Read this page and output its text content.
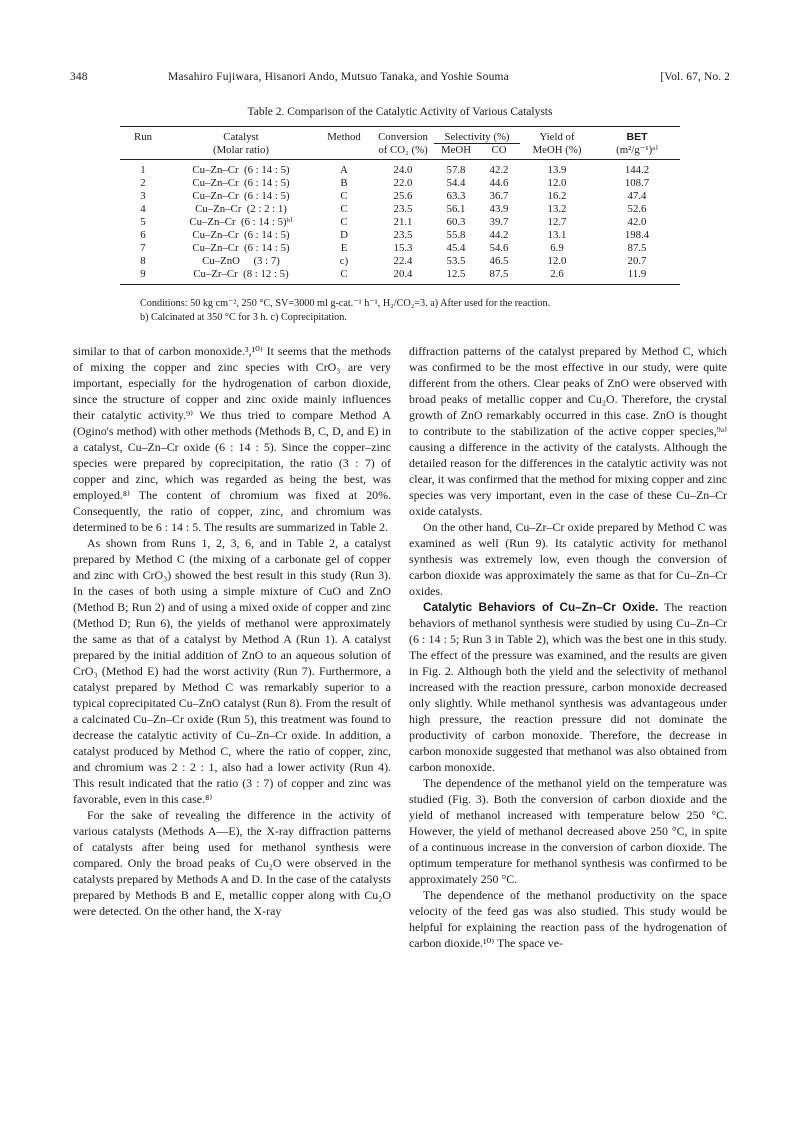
348	Masahiro Fujiwara, Hisanori Ando, Mutsuo Tanaka, and Yoshie Souma	[Vol. 67, No. 2
Table 2. Comparison of the Catalytic Activity of Various Catalysts
Run	Catalyst	Method	Conversion	Selectivity (%)		Yield of	BET
	(Molar ratio)		of CO₂ (%)	MeOH	CO	MeOH (%)	(m²/g⁻¹)ᵃ⁾
1	Cu–Zn–Cr  (6 : 14 : 5)	A	24.0	57.8	42.2	13.9	144.2
2	Cu–Zn–Cr  (6 : 14 : 5)	B	22.0	54.4	44.6	12.0	108.7
3	Cu–Zn–Cr  (6 : 14 : 5)	C	25.6	63.3	36.7	16.2	47.4
4	Cu–Zn–Cr  (2 : 2 : 1)	C	23.5	56.1	43.9	13.2	52.6
5	Cu–Zn–Cr  (6 : 14 : 5)ᵇ⁾	C	21.1	60.3	39.7	12.7	42.0
6	Cu–Zn–Cr  (6 : 14 : 5)	D	23.5	55.8	44.2	13.1	198.4
7	Cu–Zn–Cr  (6 : 14 : 5)	E	15.3	45.4	54.6	6.9	87.5
8	Cu–ZnO     (3 : 7)	c)	22.4	53.5	46.5	12.0	20.7
9	Cu–Zr–Cr  (8 : 12 : 5)	C	20.4	12.5	87.5	2.6	11.9
Conditions: 50 kg cm⁻², 250 °C, SV=3000 ml g-cat.⁻¹ h⁻¹, H₂/CO₂=3. a) After used for the reaction.
b) Calcinated at 350 °C for 3 h. c) Coprecipitation.

similar to that of carbon monoxide.³,¹⁰⁾ It seems that the methods of mixing the copper and zinc species with CrO₃ are very important, especially for the hydrogenation of carbon dioxide, since the structure of copper and zinc oxide mainly influences their catalytic activity.⁹⁾ We thus tried to compare Method A (Ogino's method) with other methods (Methods B, C, D, and E) in a catalyst, Cu–Zn–Cr oxide (6 : 14 : 5). Since the copper–zinc species were prepared by coprecipitation, the ratio (3 : 7) of copper and zinc, which was regarded as being the best, was employed.⁸⁾ The content of chromium was fixed at 20%. Consequently, the ratio of copper, zinc, and chromium was determined to be 6 : 14 : 5. The results are summarized in Table 2.

As shown from Runs 1, 2, 3, 6, and in Table 2, a catalyst prepared by Method C (the mixing of a carbonate gel of copper and zinc with CrO₃) showed the best result in this study (Run 3). In the cases of both using a simple mixture of CuO and ZnO (Method B; Run 2) and of using a mixed oxide of copper and zinc (Method D; Run 6), the yields of methanol were approximately the same as that of a catalyst by Method A (Run 1). A catalyst prepared by the initial addition of ZnO to an aqueous solution of CrO₃ (Method E) had the worst activity (Run 7). Furthermore, a catalyst prepared by Method C was remarkably superior to a typical coprecipitated Cu–ZnO catalyst (Run 8). From the result of a calcinated Cu–Zn–Cr oxide (Run 5), this treatment was found to decrease the catalytic activity of Cu–Zn–Cr oxide. In addition, a catalyst produced by Method C, where the ratio of copper, zinc, and chromium was 2 : 2 : 1, also had a lower activity (Run 4). This result indicated that the ratio (3 : 7) of copper and zinc was favorable, even in this case.⁸⁾

For the sake of revealing the difference in the activity of various catalysts (Methods A—E), the X-ray diffraction patterns of catalysts after being used for methanol synthesis were compared. Only the broad peaks of Cu₂O were observed in the catalysts prepared by Methods A and D. In the case of the catalysts prepared by Methods B and E, metallic copper along with Cu₂O were detected. On the other hand, the X-ray

diffraction patterns of the catalyst prepared by Method C, which was confirmed to be the most effective in our study, were quite different from the others. Clear peaks of ZnO were observed with broad peaks of metallic copper and Cu₂O. Therefore, the crystal growth of ZnO remarkably occurred in this case. ZnO is thought to contribute to the stabilization of the active copper species,⁹ᵃ⁾ causing a difference in the activity of the catalysts. Although the detailed reason for the differences in the catalytic activity was not clear, it was confirmed that the method for mixing copper and zinc species was very important, even in the case of these Cu–Zn–Cr oxide catalysts.

On the other hand, Cu–Zr–Cr oxide prepared by Method C was examined as well (Run 9). Its catalytic activity for methanol synthesis was extremely low, even though the conversion of carbon dioxide was approximately the same as that for Cu–Zn–Cr oxides.

Catalytic Behaviors of Cu–Zn–Cr Oxide. The reaction behaviors of methanol synthesis were studied by using Cu–Zn–Cr (6 : 14 : 5; Run 3 in Table 2), which was the best one in this study. The effect of the pressure was examined, and the results are given in Fig. 2. Although both the yield and the selectivity of methanol increased with the reaction pressure, carbon monoxide decreased only slightly. While methanol synthesis was advantageous under high pressure, the reaction pressure did not dominate the productivity of carbon monoxide. Therefore, the decrease in carbon monoxide suggested that methanol was also obtained from carbon monoxide.

The dependence of the methanol yield on the temperature was studied (Fig. 3). Both the conversion of carbon dioxide and the yield of methanol increased with temperature below 250 °C. However, the yield of methanol decreased above 250 °C, in spite of a continuous increase in the conversion of carbon dioxide. The optimum temperature for methanol synthesis was confirmed to be approximately 250 °C.

The dependence of the methanol productivity on the space velocity of the feed gas was also studied. This study would be helpful for explaining the reaction pass of the hydrogenation of carbon dioxide.¹⁰⁾ The space ve-
